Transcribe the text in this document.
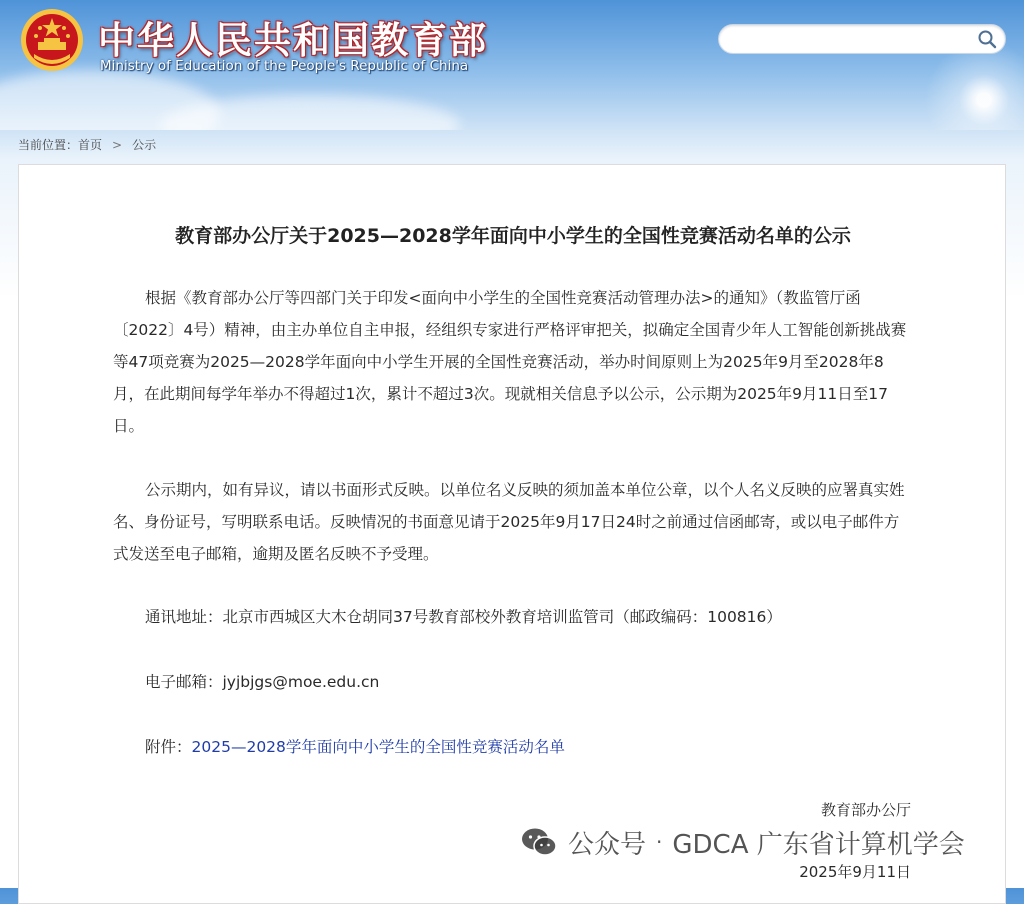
中华人民共和国教育部
Ministry of Education of the People's Republic of China
当前位置：首页 > 公示
教育部办公厅关于2025—2028学年面向中小学生的全国性竞赛活动名单的公示

根据《教育部办公厅等四部门关于印发<面向中小学生的全国性竞赛活动管理办法>的通知》（教监管厅函〔2022〕4号）精神，由主办单位自主申报，经组织专家进行严格评审把关，拟确定全国青少年人工智能创新挑战赛等47项竞赛为2025—2028学年面向中小学生开展的全国性竞赛活动，举办时间原则上为2025年9月至2028年8月，在此期间每学年举办不得超过1次，累计不超过3次。现就相关信息予以公示，公示期为2025年9月11日至17日。

公示期内，如有异议，请以书面形式反映。以单位名义反映的须加盖本单位公章，以个人名义反映的应署真实姓名、身份证号，写明联系电话。反映情况的书面意见请于2025年9月17日24时之前通过信函邮寄，或以电子邮件方式发送至电子邮箱，逾期及匿名反映不予受理。

通讯地址：北京市西城区大木仓胡同37号教育部校外教育培训监管司（邮政编码：100816）
电子邮箱：jyjbjgs@moe.edu.cn
附件：2025—2028学年面向中小学生的全国性竞赛活动名单
教育部办公厅
2025年9月11日
公众号 · GDCA 广东省计算机学会
